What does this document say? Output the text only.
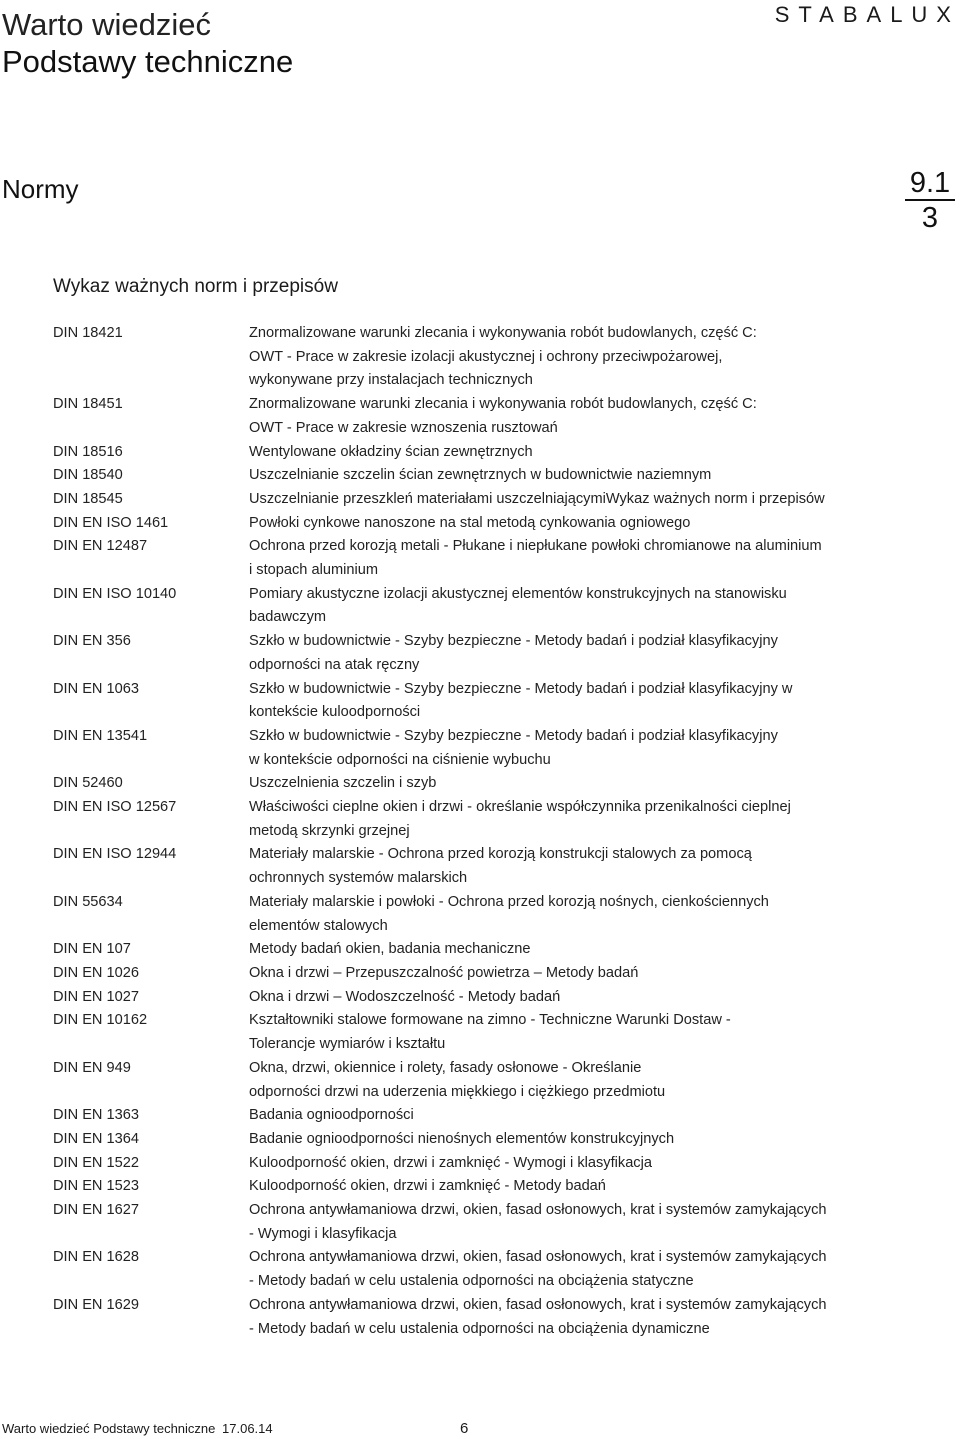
Warto wiedzieć
Podstawy techniczne
STABALUX
Normy	9.1
3
Wykaz ważnych norm i przepisów
DIN 18421	Znormalizowane warunki zlecania i wykonywania robót budowlanych, część C:
OWT - Prace w zakresie izolacji akustycznej i ochrony przeciwpożarowej,
wykonywane przy instalacjach technicznych
DIN 18451	Znormalizowane warunki zlecania i wykonywania robót budowlanych, część C:
OWT - Prace w zakresie wznoszenia rusztowań
DIN 18516	Wentylowane okładziny ścian zewnętrznych
DIN 18540	Uszczelnianie szczelin ścian zewnętrznych w budownictwie naziemnym
DIN 18545	Uszczelnianie przeszkleń materiałami uszczelniającymiWykaz ważnych norm i przepisów
DIN EN ISO 1461	Powłoki cynkowe nanoszone na stal metodą cynkowania ogniowego
DIN EN 12487	Ochrona przed korozją metali - Płukane i niepłukane powłoki chromianowe na aluminium
i stopach aluminium
DIN EN ISO 10140	Pomiary akustyczne izolacji akustycznej elementów konstrukcyjnych na stanowisku
badawczym
DIN EN 356	Szkło w budownictwie - Szyby bezpieczne - Metody badań i podział klasyfikacyjny
odporności na atak ręczny
DIN EN 1063	Szkło w budownictwie - Szyby bezpieczne - Metody badań i podział klasyfikacyjny w
kontekście kuloodporności
DIN EN 13541	Szkło w budownictwie - Szyby bezpieczne - Metody badań i podział klasyfikacyjny
w kontekście odporności na ciśnienie wybuchu
DIN 52460	Uszczelnienia szczelin i szyb
DIN EN ISO 12567	Właściwości cieplne okien i drzwi - określanie współczynnika przenikalności cieplnej
metodą skrzynki grzejnej
DIN EN ISO 12944	Materiały malarskie - Ochrona przed korozją konstrukcji stalowych za pomocą
ochronnych systemów malarskich
DIN 55634	Materiały malarskie i powłoki - Ochrona przed korozją nośnych, cienkościennych
elementów stalowych
DIN EN 107	Metody badań okien, badania mechaniczne
DIN EN 1026	Okna i drzwi – Przepuszczalność powietrza – Metody badań
DIN EN 1027	Okna i drzwi – Wodoszczelność - Metody badań
DIN EN 10162	Kształtowniki stalowe formowane na zimno - Techniczne Warunki Dostaw -
Tolerancje wymiarów i kształtu
DIN EN 949	Okna, drzwi, okiennice i rolety, fasady osłonowe - Określanie
odporności drzwi na uderzenia miękkiego i ciężkiego przedmiotu
DIN EN 1363	Badania ognioodporności
DIN EN 1364	Badanie ognioodporności nienośnych elementów konstrukcyjnych
DIN EN 1522	Kuloodporność okien, drzwi i zamknięć - Wymogi i klasyfikacja
DIN EN 1523	Kuloodporność okien, drzwi i zamknięć - Metody badań
DIN EN 1627	Ochrona antywłamaniowa drzwi, okien, fasad osłonowych, krat i systemów zamykających
- Wymogi i klasyfikacja
DIN EN 1628	Ochrona antywłamaniowa drzwi, okien, fasad osłonowych, krat i systemów zamykających
- Metody badań w celu ustalenia odporności na obciążenia statyczne
DIN EN 1629	Ochrona antywłamaniowa drzwi, okien, fasad osłonowych, krat i systemów zamykających
- Metody badań w celu ustalenia odporności na obciążenia dynamiczne
Warto wiedzieć Podstawy techniczne 17.06.14	6
